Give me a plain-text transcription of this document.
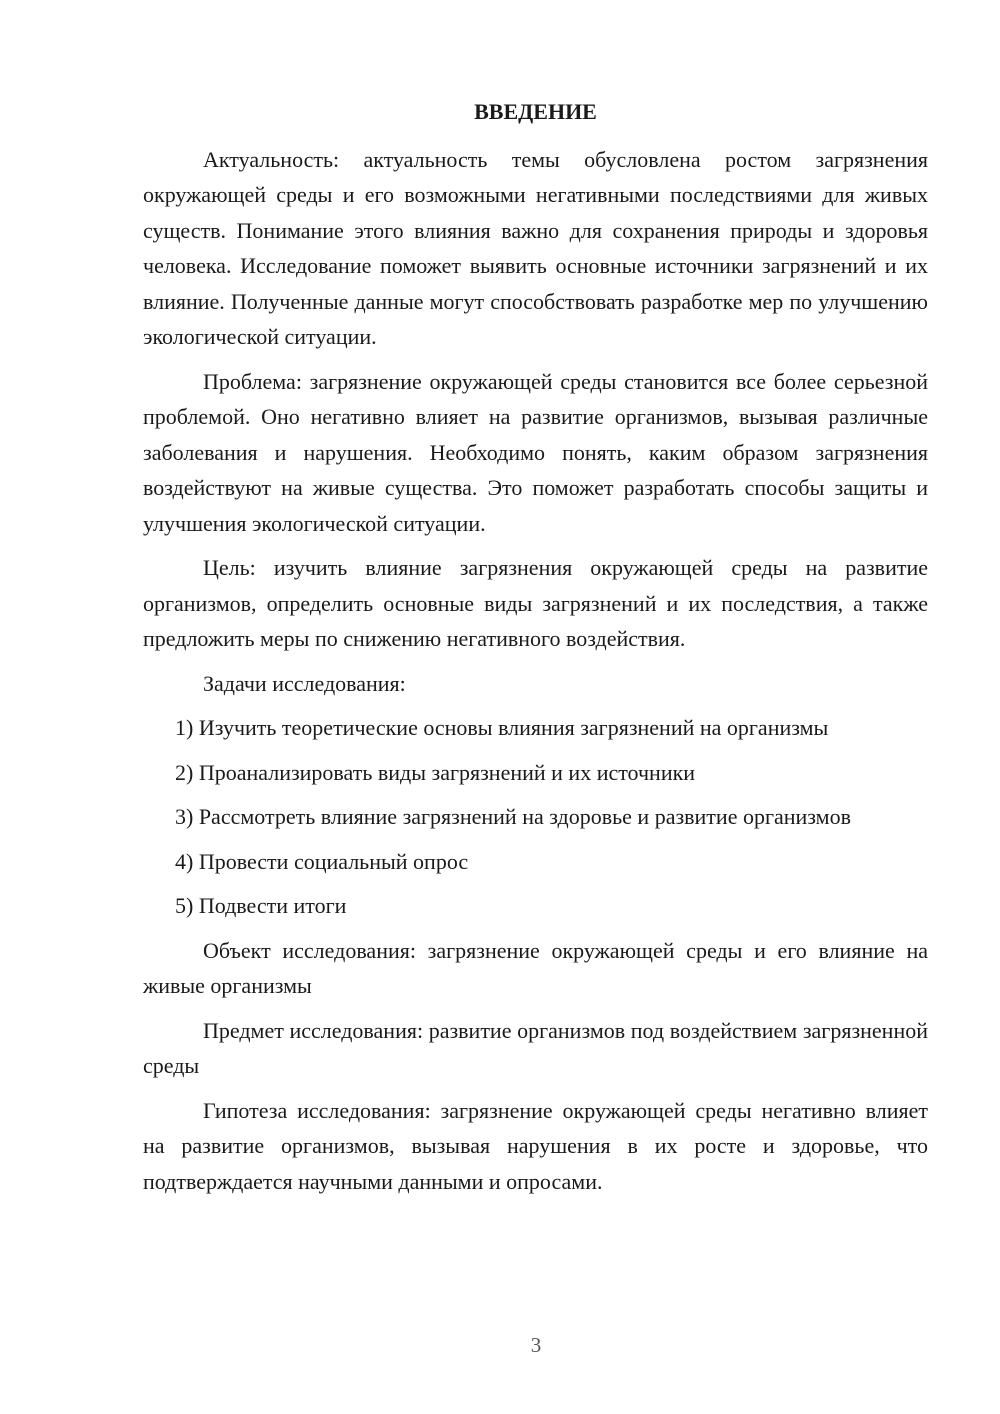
ВВЕДЕНИЕ

Актуальность: актуальность темы обусловлена ростом загрязнения окружающей среды и его возможными негативными последствиями для живых существ. Понимание этого влияния важно для сохранения природы и здоровья человека. Исследование поможет выявить основные источники загрязнений и их влияние. Полученные данные могут способствовать разработке мер по улучшению экологической ситуации.

Проблема: загрязнение окружающей среды становится все более серьезной проблемой. Оно негативно влияет на развитие организмов, вызывая различные заболевания и нарушения. Необходимо понять, каким образом загрязнения воздействуют на живые существа. Это поможет разработать способы защиты и улучшения экологической ситуации.

Цель: изучить влияние загрязнения окружающей среды на развитие организмов, определить основные виды загрязнений и их последствия, а также предложить меры по снижению негативного воздействия.

Задачи исследования:

1) Изучить теоретические основы влияния загрязнений на организмы

2) Проанализировать виды загрязнений и их источники

3) Рассмотреть влияние загрязнений на здоровье и развитие организмов

4) Провести социальный опрос

5) Подвести итоги

Объект исследования: загрязнение окружающей среды и его влияние на живые организмы

Предмет исследования: развитие организмов под воздействием загрязненной среды

Гипотеза исследования: загрязнение окружающей среды негативно влияет на развитие организмов, вызывая нарушения в их росте и здоровье, что подтверждается научными данными и опросами.

3
